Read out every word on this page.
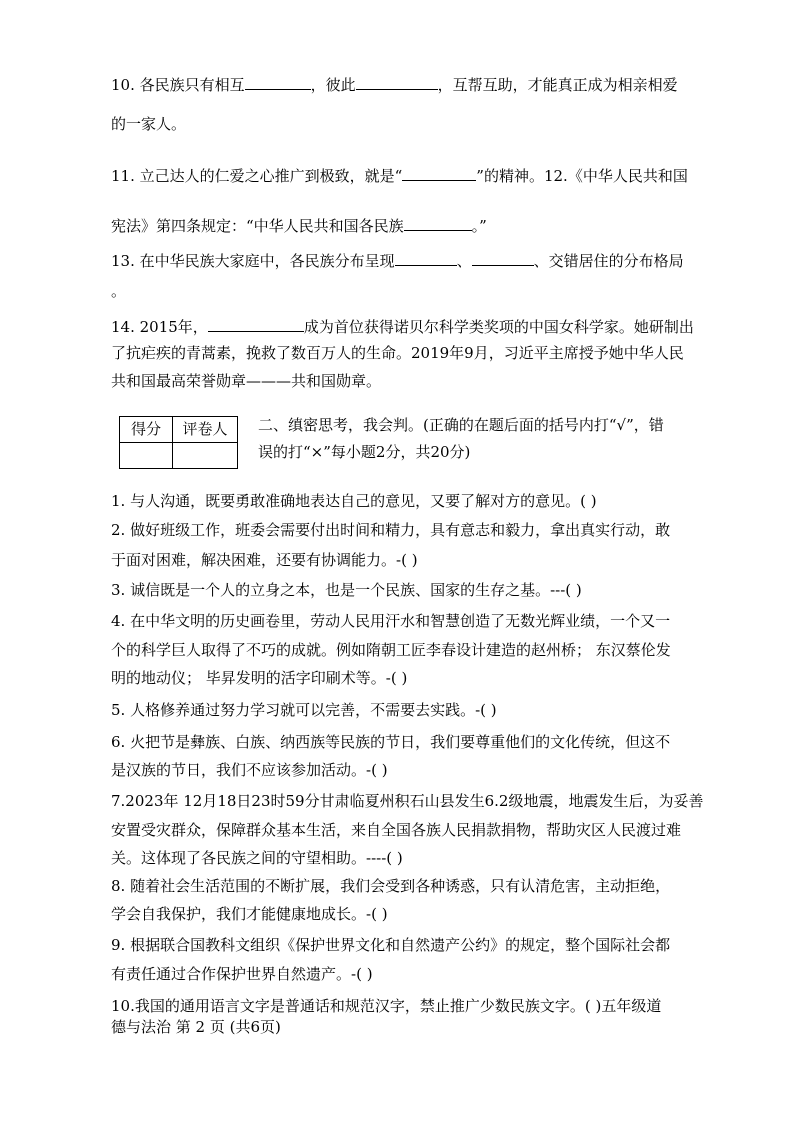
10. 各民族只有相互	，彼此	，互帮互助，才能真正成为相亲相爱
的一家人。
11. 立己达人的仁爱之心推广到极致，就是“	”的精神。12.《中华人民共和国
宪法》第四条规定：“中华人民共和国各民族	。”
13. 在中华民族大家庭中，各民族分布呈现	、	、交错居住的分布格局
。
14. 2015年，	成为首位获得诺贝尔科学类奖项的中国女科学家。她研制出
了抗疟疾的青蒿素，挽救了数百万人的生命。2019年9月，习近平主席授予她中华人民
共和国最高荣誉勋章———共和国勋章。
得分	评卷人
	二、缜密思考，我会判。(正确的在题后面的括号内打“√”，错
误的打“×”每小题2分，共20分)
1. 与人沟通，既要勇敢准确地表达自己的意见，又要了解对方的意见。( )
2. 做好班级工作，班委会需要付出时间和精力，具有意志和毅力，拿出真实行动，敢
于面对困难，解决困难，还要有协调能力。-( )
3. 诚信既是一个人的立身之本，也是一个民族、国家的生存之基。---( )
4. 在中华文明的历史画卷里，劳动人民用汗水和智慧创造了无数光辉业绩，一个又一
个的科学巨人取得了不巧的成就。例如隋朝工匠李春设计建造的赵州桥； 东汉蔡伦发
明的地动仪； 毕昇发明的活字印刷术等。-( )
5. 人格修养通过努力学习就可以完善，不需要去实践。-( )
6. 火把节是彝族、白族、纳西族等民族的节日，我们要尊重他们的文化传统，但这不
是汉族的节日，我们不应该参加活动。-( )
7.2023年 12月18日23时59分甘肃临夏州积石山县发生6.2级地震，地震发生后，为妥善
安置受灾群众，保障群众基本生活，来自全国各族人民捐款捐物，帮助灾区人民渡过难
关。这体现了各民族之间的守望相助。----( )
8. 随着社会生活范围的不断扩展，我们会受到各种诱惑，只有认清危害，主动拒绝，
学会自我保护，我们才能健康地成长。-( )
9. 根据联合国教科文组织《保护世界文化和自然遗产公约》的规定，整个国际社会都
有责任通过合作保护世界自然遗产。-( )
10.我国的通用语言文字是普通话和规范汉字，禁止推广少数民族文字。( )五年级道
德与法治 第 2 页 (共6页)
